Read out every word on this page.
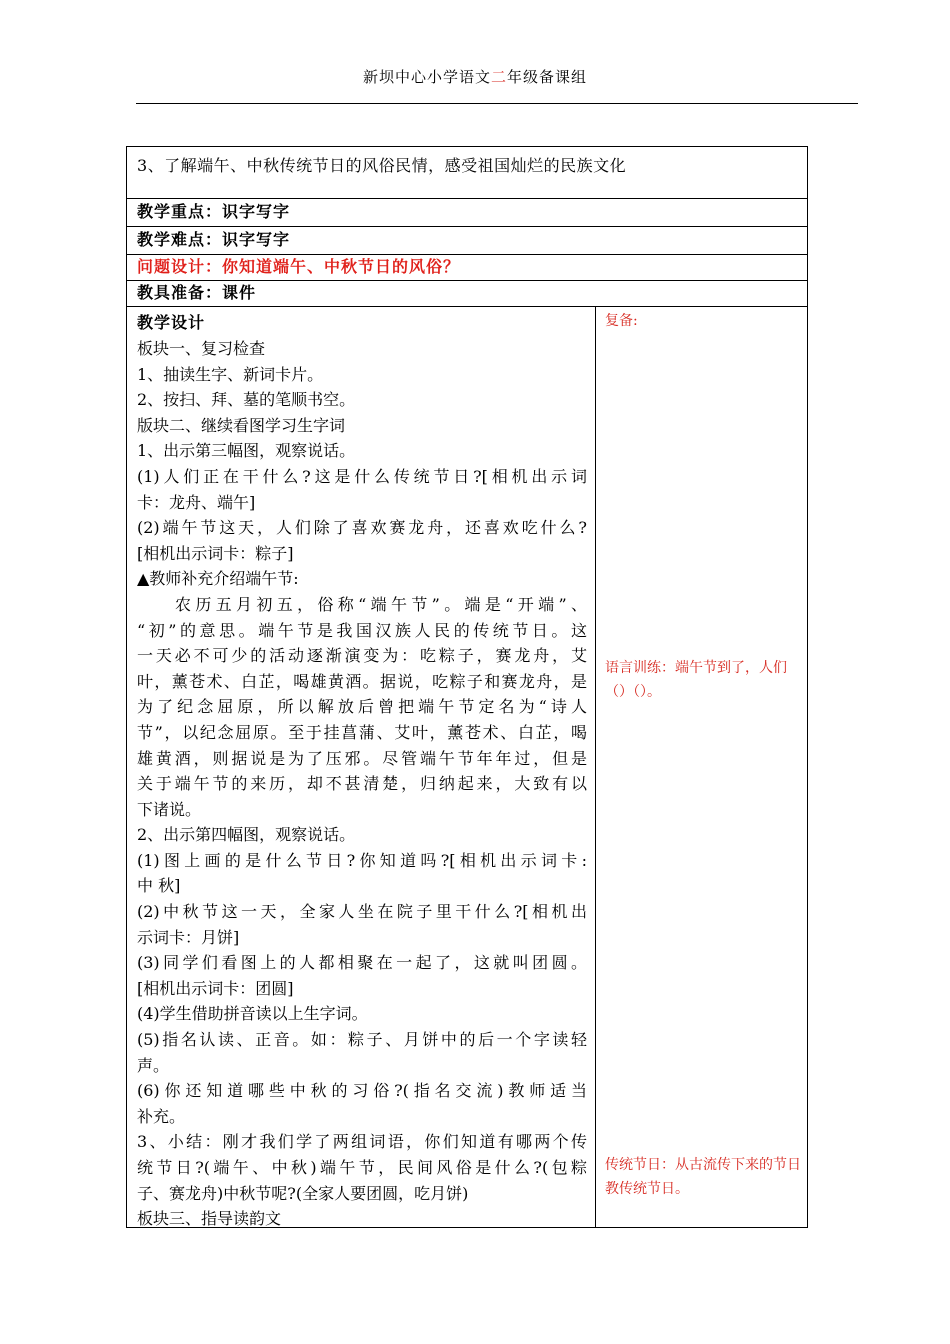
新坝中心小学语文二年级备课组
3、了解端午、中秋传统节日的风俗民情，感受祖国灿烂的民族文化
教学重点：识字写字
教学难点：识字写字
问题设计：你知道端午、中秋节日的风俗？
教具准备：课件
教学设计
板块一、复习检查
1、抽读生字、新词卡片。
2、按扫、拜、墓的笔顺书空。
版块二、继续看图学习生字词
1、出示第三幅图，观察说话。
(1)人们正在干什么?这是什么传统节日?[相机出示词
卡：龙舟、端午]
(2)端午节这天，人们除了喜欢赛龙舟，还喜欢吃什么?
[相机出示词卡：粽子]
▲教师补充介绍端午节:
农历五月初五，俗称“端午节”。端是“开端”、
“初”的意思。端午节是我国汉族人民的传统节日。这
一天必不可少的活动逐渐演变为：吃粽子，赛龙舟，艾
叶，薰苍术、白芷，喝雄黄酒。据说，吃粽子和赛龙舟，是
为了纪念屈原，所以解放后曾把端午节定名为“诗人
节”，以纪念屈原。至于挂菖蒲、艾叶，薰苍术、白芷，喝
雄黄酒，则据说是为了压邪。尽管端午节年年过，但是
关于端午节的来历，却不甚清楚，归纳起来，大致有以
下诸说。
2、出示第四幅图，观察说话。
(1)图上画的是什么节日?你知道吗?[相机出示词卡:
中 秋]
(2)中秋节这一天，全家人坐在院子里干什么?[相机出
示词卡：月饼]
(3)同学们看图上的人都相聚在一起了，这就叫团圆。
[相机出示词卡：团圆]
(4)学生借助拼音读以上生字词。
(5)指名认读、正音。如：粽子、月饼中的后一个字读轻
声。
(6)你还知道哪些中秋的习俗?(指名交流)教师适当
补充。
3、小结：刚才我们学了两组词语，你们知道有哪两个传
统节日?(端午、中秋)端午节，民间风俗是什么?(包粽
子、赛龙舟)中秋节呢?(全家人要团圆，吃月饼)
板块三、指导读韵文
复备:
语言训练：端午节到了，人们（）（）。
传统节日：从古流传下来的节日教传统节日。
